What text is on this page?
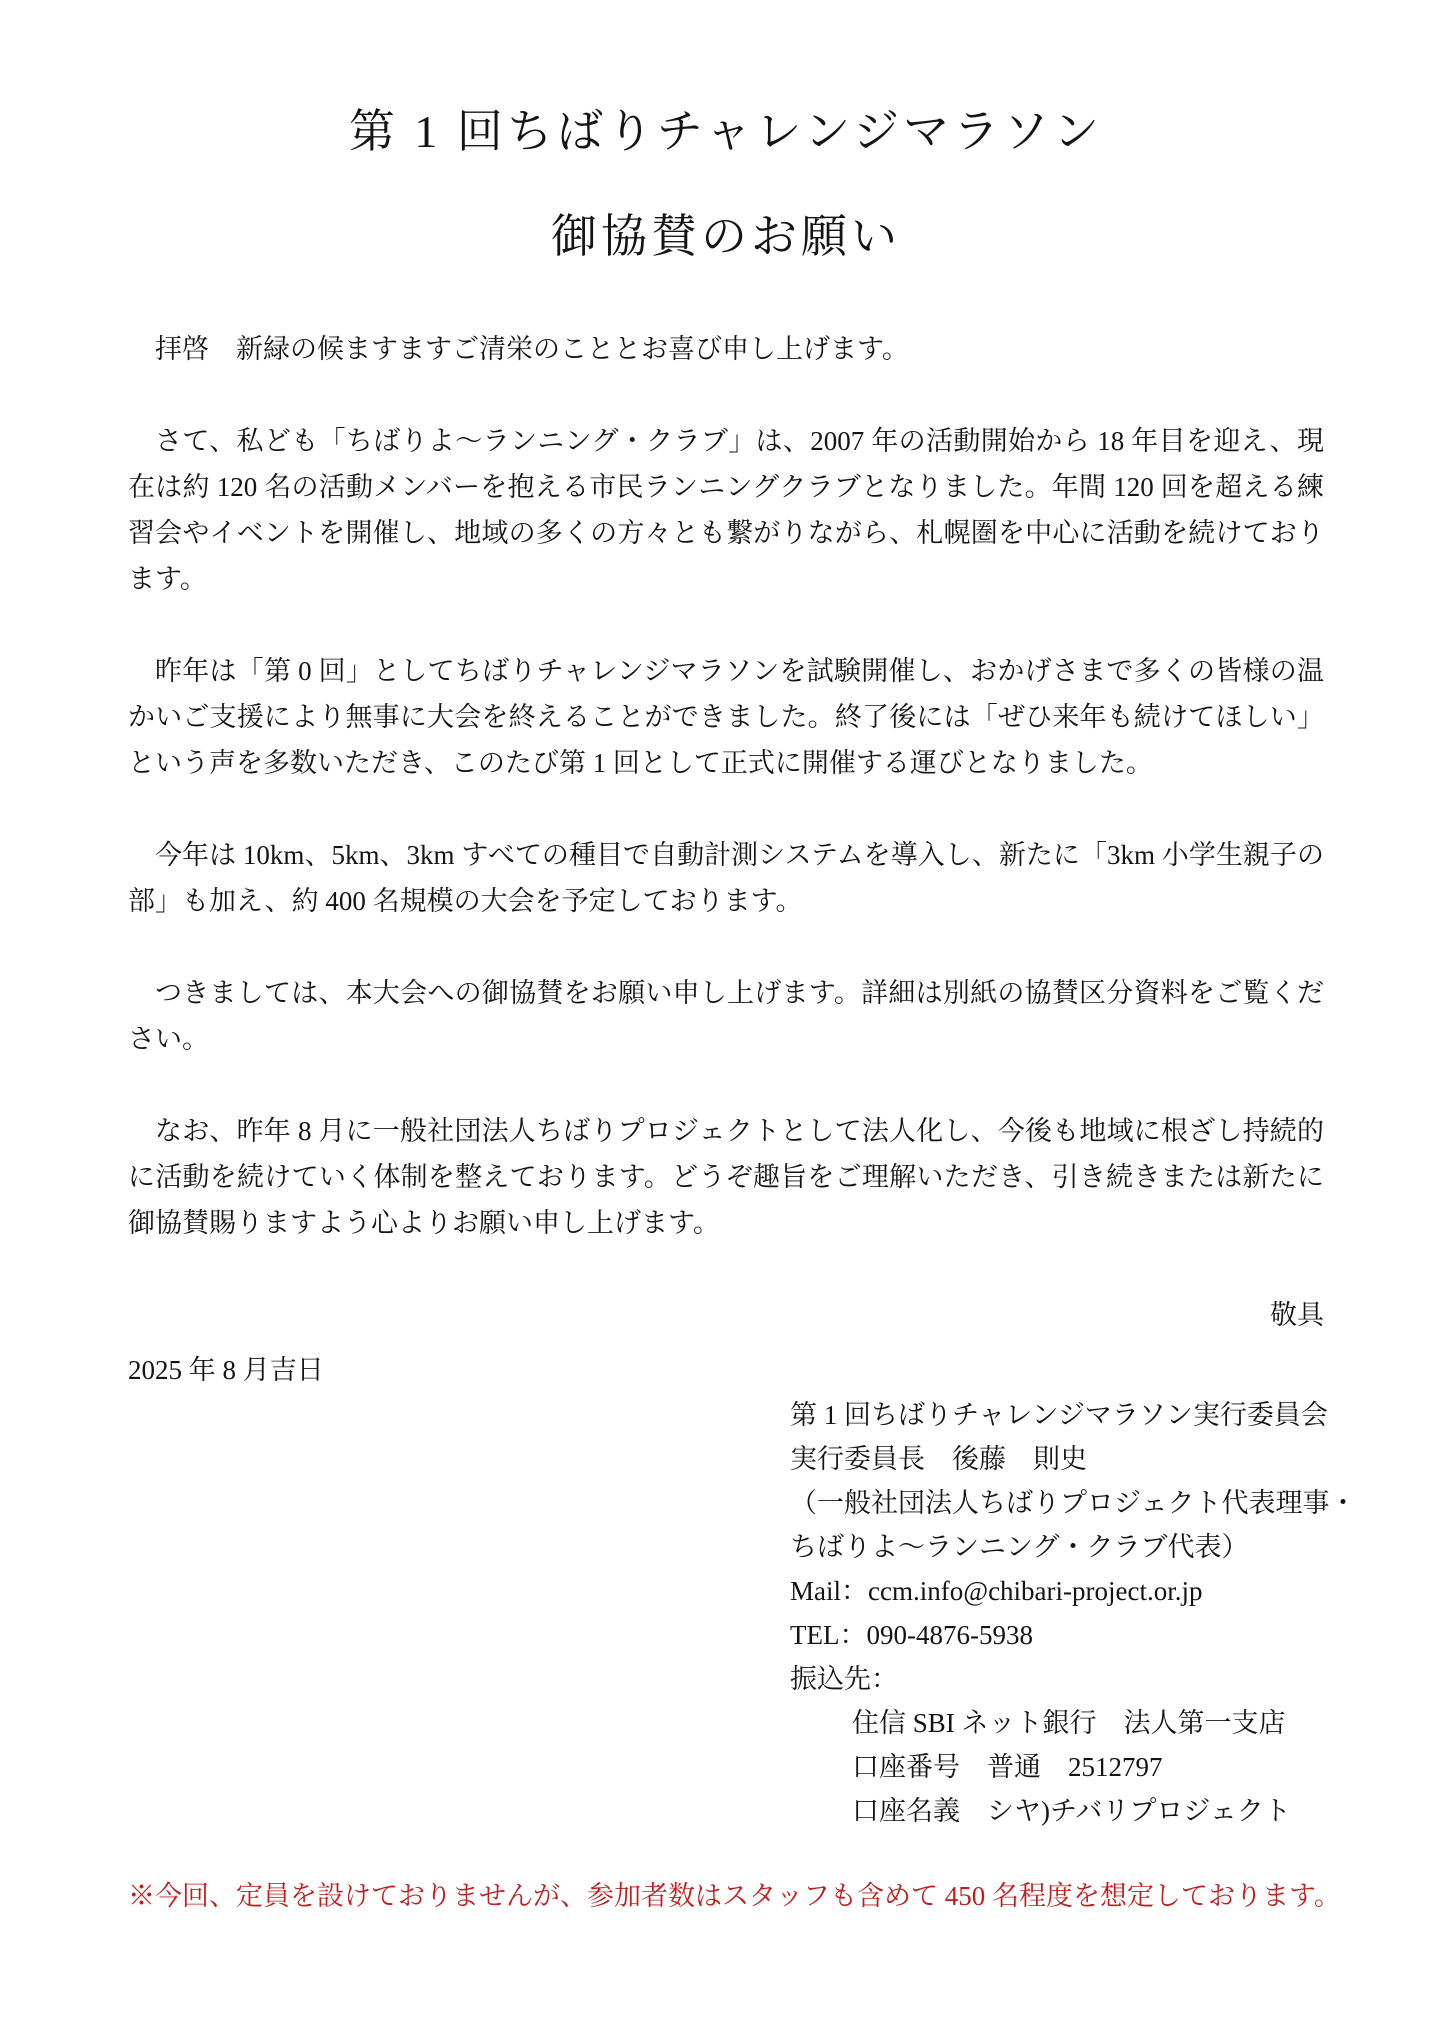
第 1 回ちばりチャレンジマラソン
御協賛のお願い

拝啓　新緑の候ますますご清栄のこととお喜び申し上げます。

さて、私ども「ちばりよ～ランニング・クラブ」は、2007 年の活動開始から 18 年目を迎え、現在は約 120 名の活動メンバーを抱える市民ランニングクラブとなりました。年間 120 回を超える練習会やイベントを開催し、地域の多くの方々とも繋がりながら、札幌圏を中心に活動を続けております。

昨年は「第 0 回」としてちばりチャレンジマラソンを試験開催し、おかげさまで多くの皆様の温かいご支援により無事に大会を終えることができました。終了後には「ぜひ来年も続けてほしい」という声を多数いただき、このたび第 1 回として正式に開催する運びとなりました。

今年は 10km、5km、3km すべての種目で自動計測システムを導入し、新たに「3km 小学生親子の部」も加え、約 400 名規模の大会を予定しております。

つきましては、本大会への御協賛をお願い申し上げます。詳細は別紙の協賛区分資料をご覧ください。

なお、昨年 8 月に一般社団法人ちばりプロジェクトとして法人化し、今後も地域に根ざし持続的に活動を続けていく体制を整えております。どうぞ趣旨をご理解いただき、引き続きまたは新たに御協賛賜りますよう心よりお願い申し上げます。

敬具

2025 年 8 月吉日

第 1 回ちばりチャレンジマラソン実行委員会

実行委員長　後藤　則史

（一般社団法人ちばりプロジェクト代表理事・

ちばりよ～ランニング・クラブ代表）

Mail：ccm.info@chibari-project.or.jp

TEL：090-4876-5938

振込先：

住信 SBI ネット銀行　法人第一支店

口座番号　普通　2512797

口座名義　シヤ)チバリプロジェクト

※今回、定員を設けておりませんが、参加者数はスタッフも含めて 450 名程度を想定しております。
